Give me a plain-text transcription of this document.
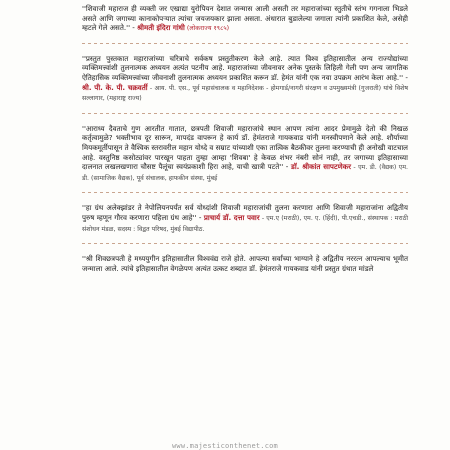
''शिवाजी महाराज ही व्यक्ती जर एखाद्या युरोपियन देशात जन्मास आली असती तर महाराजांच्या स्तुतीचे स्तंभ गगनाला भिडले असते आणि जगाच्या कानाकोपऱ्यात त्यांचा जयजयकार झाला असता. अंधारात बुडालेल्या जगाला त्यांनी प्रकाशित केले, असेही म्हटले गेले असते.'' - श्रीमती इंदिरा गांधी (लोकराज्य १९८५)
''प्रस्तुत पुस्तकात महाराजांच्या चरित्राचे सर्वकष प्रस्तुतीकरण केले आहे. त्यात विश्व इतिहासातील अन्य राज्योद्यांच्या व्यक्तिमत्त्वांशी तुलनात्मक अध्ययन अत्यंत पटनीय आहे. महाराजांच्या जीवनावर अनेक पुस्तके लिहिली गेली पण अन्य जागतिक ऐतिहासिक व्यक्तिमत्त्वांच्या जीवनाशी तुलनात्मक अध्ययन प्रकाशित करून डॉ. हेमंत यांनी एक नवा उपक्रम आरंभ केला आहे.'' - श्री. पी. के. पी. चक्रवर्ती - आय. पी. एस., पूर्व महासंचालक व महानिदेशक - होमगार्ड/नागरी संरक्षण व उपमुख्यमंत्री (गुजराती) यांचे विशेष सल्लागार, (महाराष्ट्र राज्य)
''आराध्य दैवताचे गुण आरतीत गातात, छत्रपती शिवाजी महाराजांचे स्थान आपण त्यांना आदर प्रेमामुळे देतो की निखळ कर्तृत्वामुळे? भक्तीभाव दूर सारून, मापदंड वापरून हे कार्य डॉ. हेमंतराजे गायकवाड यांनी मनस्वीपणाने केले आहे. शौर्याच्या मियकमूर्तीपासून ते वैश्विक स्तरावरील महान योध्दे व सम्राट यांच्याशी एका तात्विक बैठकीवर तुलना करण्याची ही अनोखी वाटचाल आहे. वस्तुनिष्ठ कसोट्यांवर पारखून पाहता तुम्हा आम्हा 'शिवबा' हे केवळ शंभर नंबरी सोनं नाही, तर जगाच्या इतिहासाच्या दालनात लखलखणारा चौसष्ट पैलूंचा स्वयंप्रकाशी हिरा आहे, याची खात्री पटते'' - डॉ. श्रीकांत सापटणेकर - एम. डी. (वैद्यक) एम. डी. (सामाजिक वैद्यक), पूर्व संचालक, हाफकीन संस्था, मुंबई
''हा ग्रंथ अलेक्झांडर ते नेपोलियनपर्यंत सर्व योध्दांशी शिवाजी महाराजांची तुलना करणारा आणि शिवाजी महाराजांना अद्वितीय पुरुष म्हणून गौरव करणारा पहिला ग्रंथ आहे'' - प्राचार्य डॉ. दत्ता पवार - एम.ए (मराठी), एम. ए. (हिंदी), पी.एचडी., संस्थापक : मराठी संशोधन मंडळ, सदस्य : विद्वत परिषद, मुंबई विद्यापीठ.
''श्री शिवछत्रपती हे मध्ययुगीन इतिहासातील विश्ववंद्य राजे होते. आपल्या सर्वांच्या भाग्याने हे अद्वितीय नररत्न आपल्याच भूमीत जन्माला आले. त्यांचे इतिहासातील वेगळेपण अत्यंत उत्कट शब्दात डॉ. हेमंतराजे गायकवाड यांनी प्रस्तुत ग्रंथात मांडले
www.majesticonthenet.com
